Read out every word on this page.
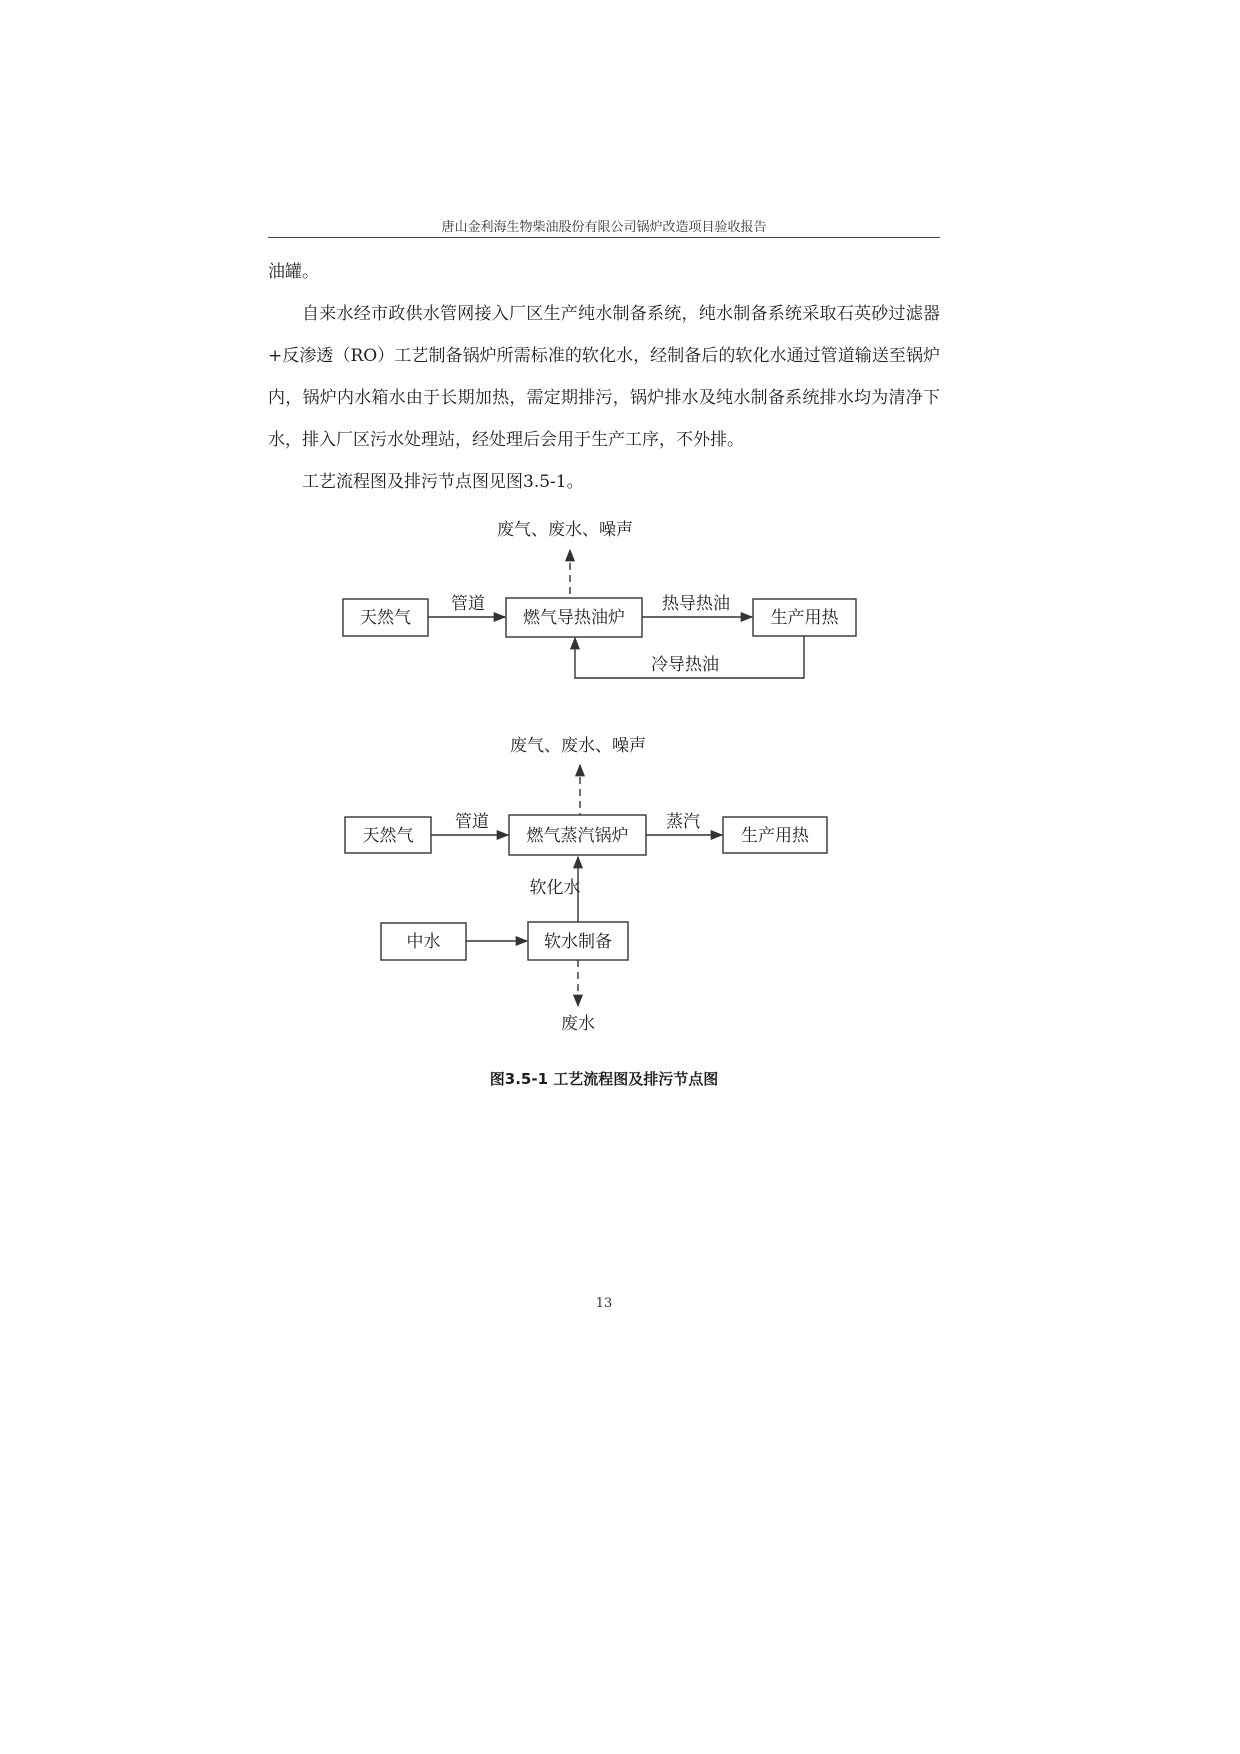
唐山金利海生物柴油股份有限公司锅炉改造项目验收报告

油罐。

自来水经市政供水管网接入厂区生产纯水制备系统，纯水制备系统采取石英砂过滤器+反渗透（RO）工艺制备锅炉所需标准的软化水，经制备后的软化水通过管道输送至锅炉内，锅炉内水箱水由于长期加热，需定期排污，锅炉排水及纯水制备系统排水均为清净下水，排入厂区污水处理站，经处理后会用于生产工序，不外排。

工艺流程图及排污节点图见图3.5-1。

废气、废水、噪声
天然气
管道
燃气导热油炉
热导热油
生产用热
冷导热油
废气、废水、噪声
天然气
管道
燃气蒸汽锅炉
蒸汽
生产用热
软化水
中水	软水制备
废水
图3.5-1 工艺流程图及排污节点图
13
